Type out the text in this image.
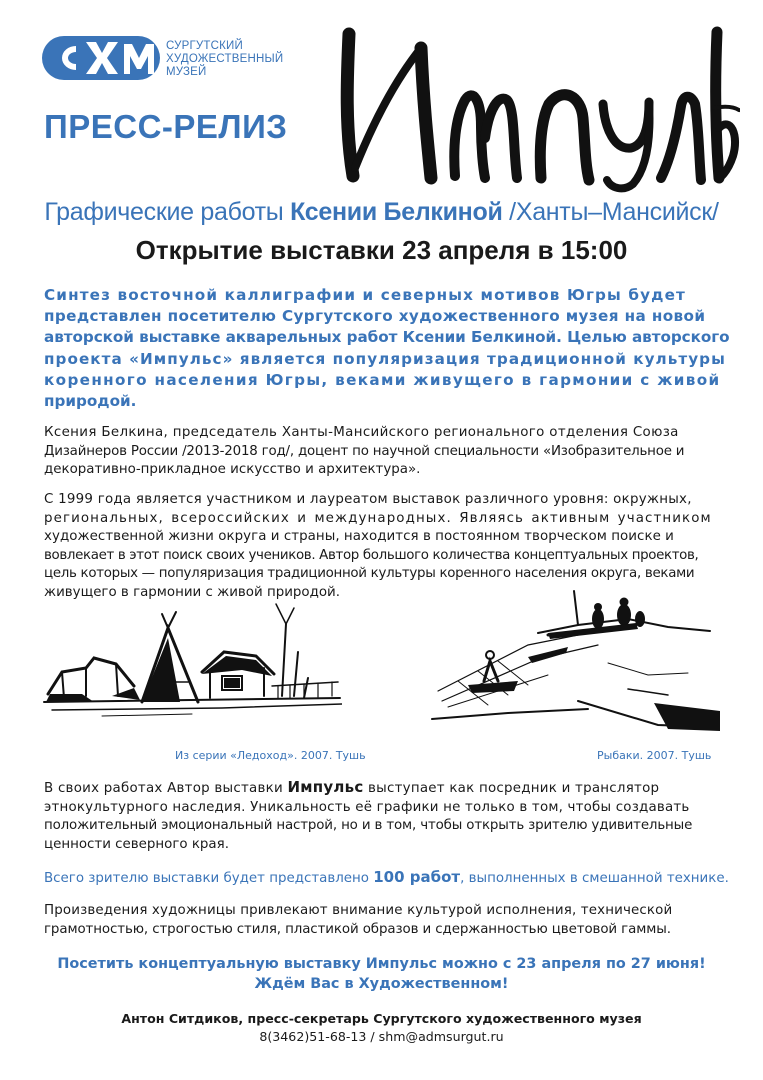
СУРГУТСКИЙ
ХУДОЖЕСТВЕННЫЙ
МУЗЕЙ
ПРЕСС-РЕЛИЗ
Графические работы Ксении Белкиной /Ханты–Мансийск/
Открытие выставки 23 апреля в 15:00
Синтез восточной каллиграфии и северных мотивов Югры будет
представлен посетителю Сургутского художественного музея на новой
авторской выставке акварельных работ Ксении Белкиной. Целью авторского
проекта «Импульс» является популяризация традиционной культуры
коренного населения Югры, веками живущего в гармонии с живой
природой.
Ксения Белкина, председатель Ханты-Мансийского регионального отделения Союза
Дизайнеров России /2013-2018 год/, доцент по научной специальности «Изобразительное и
декоративно-прикладное искусство и архитектура».
С 1999 года является участником и лауреатом выставок различного уровня: окружных,
региональных, всероссийских и международных. Являясь активным участником
художественной жизни округа и страны, находится в постоянном творческом поиске и
вовлекает в этот поиск своих учеников. Автор большого количества концептуальных проектов,
цель которых — популяризация традиционной культуры коренного населения округа, веками
живущего в гармонии с живой природой.
Из серии «Ледоход». 2007. Тушь	Рыбаки. 2007. Тушь
В своих работах Автор выставки Импульс выступает как посредник и транслятор
этнокультурного наследия. Уникальность её графики не только в том, чтобы создавать
положительный эмоциональный настрой, но и в том, чтобы открыть зрителю удивительные
ценности северного края.
Всего зрителю выставки будет представлено 100 работ, выполненных в смешанной технике.
Произведения художницы привлекают внимание культурой исполнения, технической
грамотностью, строгостью стиля, пластикой образов и сдержанностью цветовой гаммы.
Посетить концептуальную выставку Импульс можно с 23 апреля по 27 июня!
Ждём Вас в Художественном!
Антон Ситдиков, пресс-секретарь Сургутского художественного музея
8(3462)51-68-13 / shm@admsurgut.ru
